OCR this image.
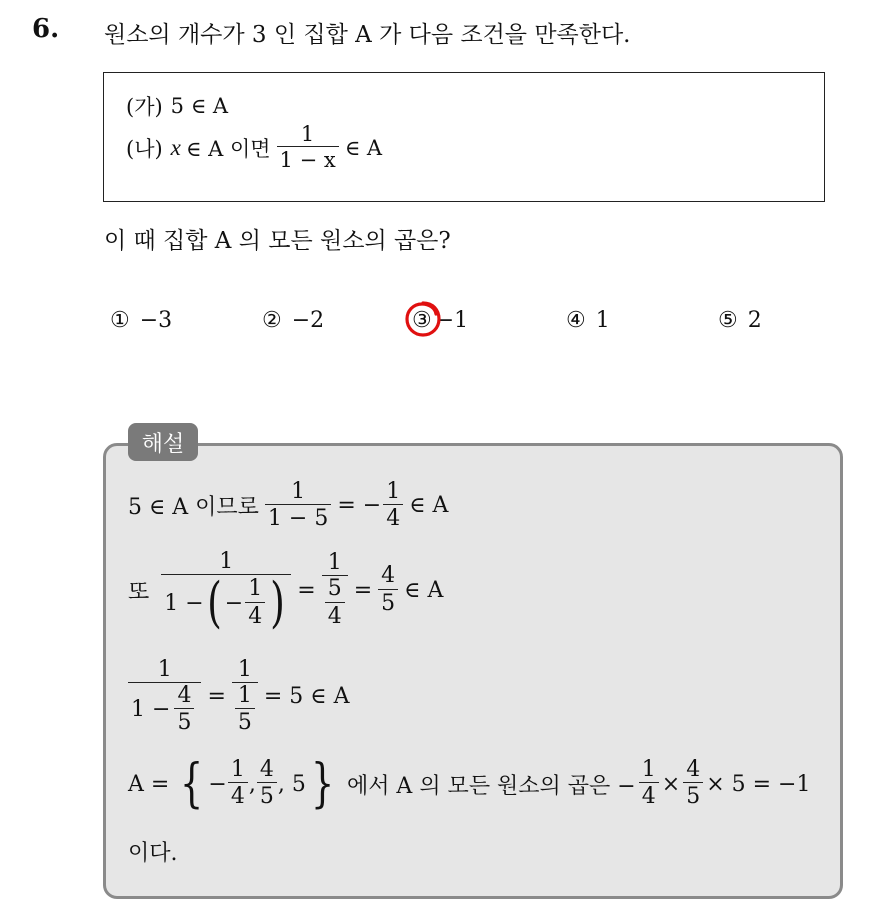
6. 원소의 개수가 3 인 집합 A 가 다음 조건을 만족한다.
(가) 5 ∈ A
(나) x ∈ A 이면 $\frac{1}{1 - x}$ ∈ A
이 때 집합 A 의 모든 원소의 곱은?
① −3	② −2	③ −1	④ 1	⑤ 2
해설
5 ∈ A 이므로 $\frac{1}{1 - 5}$ = − $\frac{1}{4}$ ∈ A
또
1
1 − ( − $\frac{1}{4}$ ) = $\frac{1}{\frac{5}{4}} = \frac{4}{5}$ ∈ A
$\frac{1}{1 - \frac{4}{5}} = \frac{1}{\frac{1}{5}} = 5$ ∈ A
A = { − $\frac{1}{4}$ , $\frac{4}{5}$ , 5 } 에서 A 의 모든 원소의 곱은 − $\frac{1}{4} \times \frac{4}{5} \times 5 = -1$
이다.
